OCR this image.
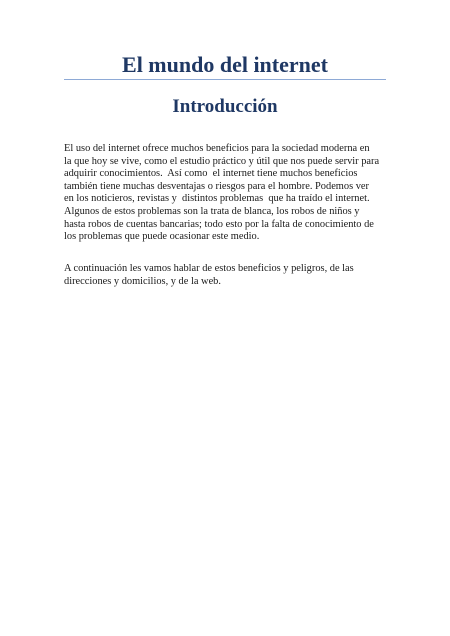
El mundo del internet
Introducción

El uso del internet ofrece muchos beneficios para la sociedad moderna en
la que hoy se vive, como el estudio práctico y útil que nos puede servir para
adquirir conocimientos.  Así como  el internet tiene muchos beneficios
también tiene muchas desventajas o riesgos para el hombre. Podemos ver
en los noticieros, revistas y  distintos problemas  que ha traído el internet.
Algunos de estos problemas son la trata de blanca, los robos de niños y
hasta robos de cuentas bancarias; todo esto por la falta de conocimiento de
los problemas que puede ocasionar este medio.

A continuación les vamos hablar de estos beneficios y peligros, de las
direcciones y domicilios, y de la web.
